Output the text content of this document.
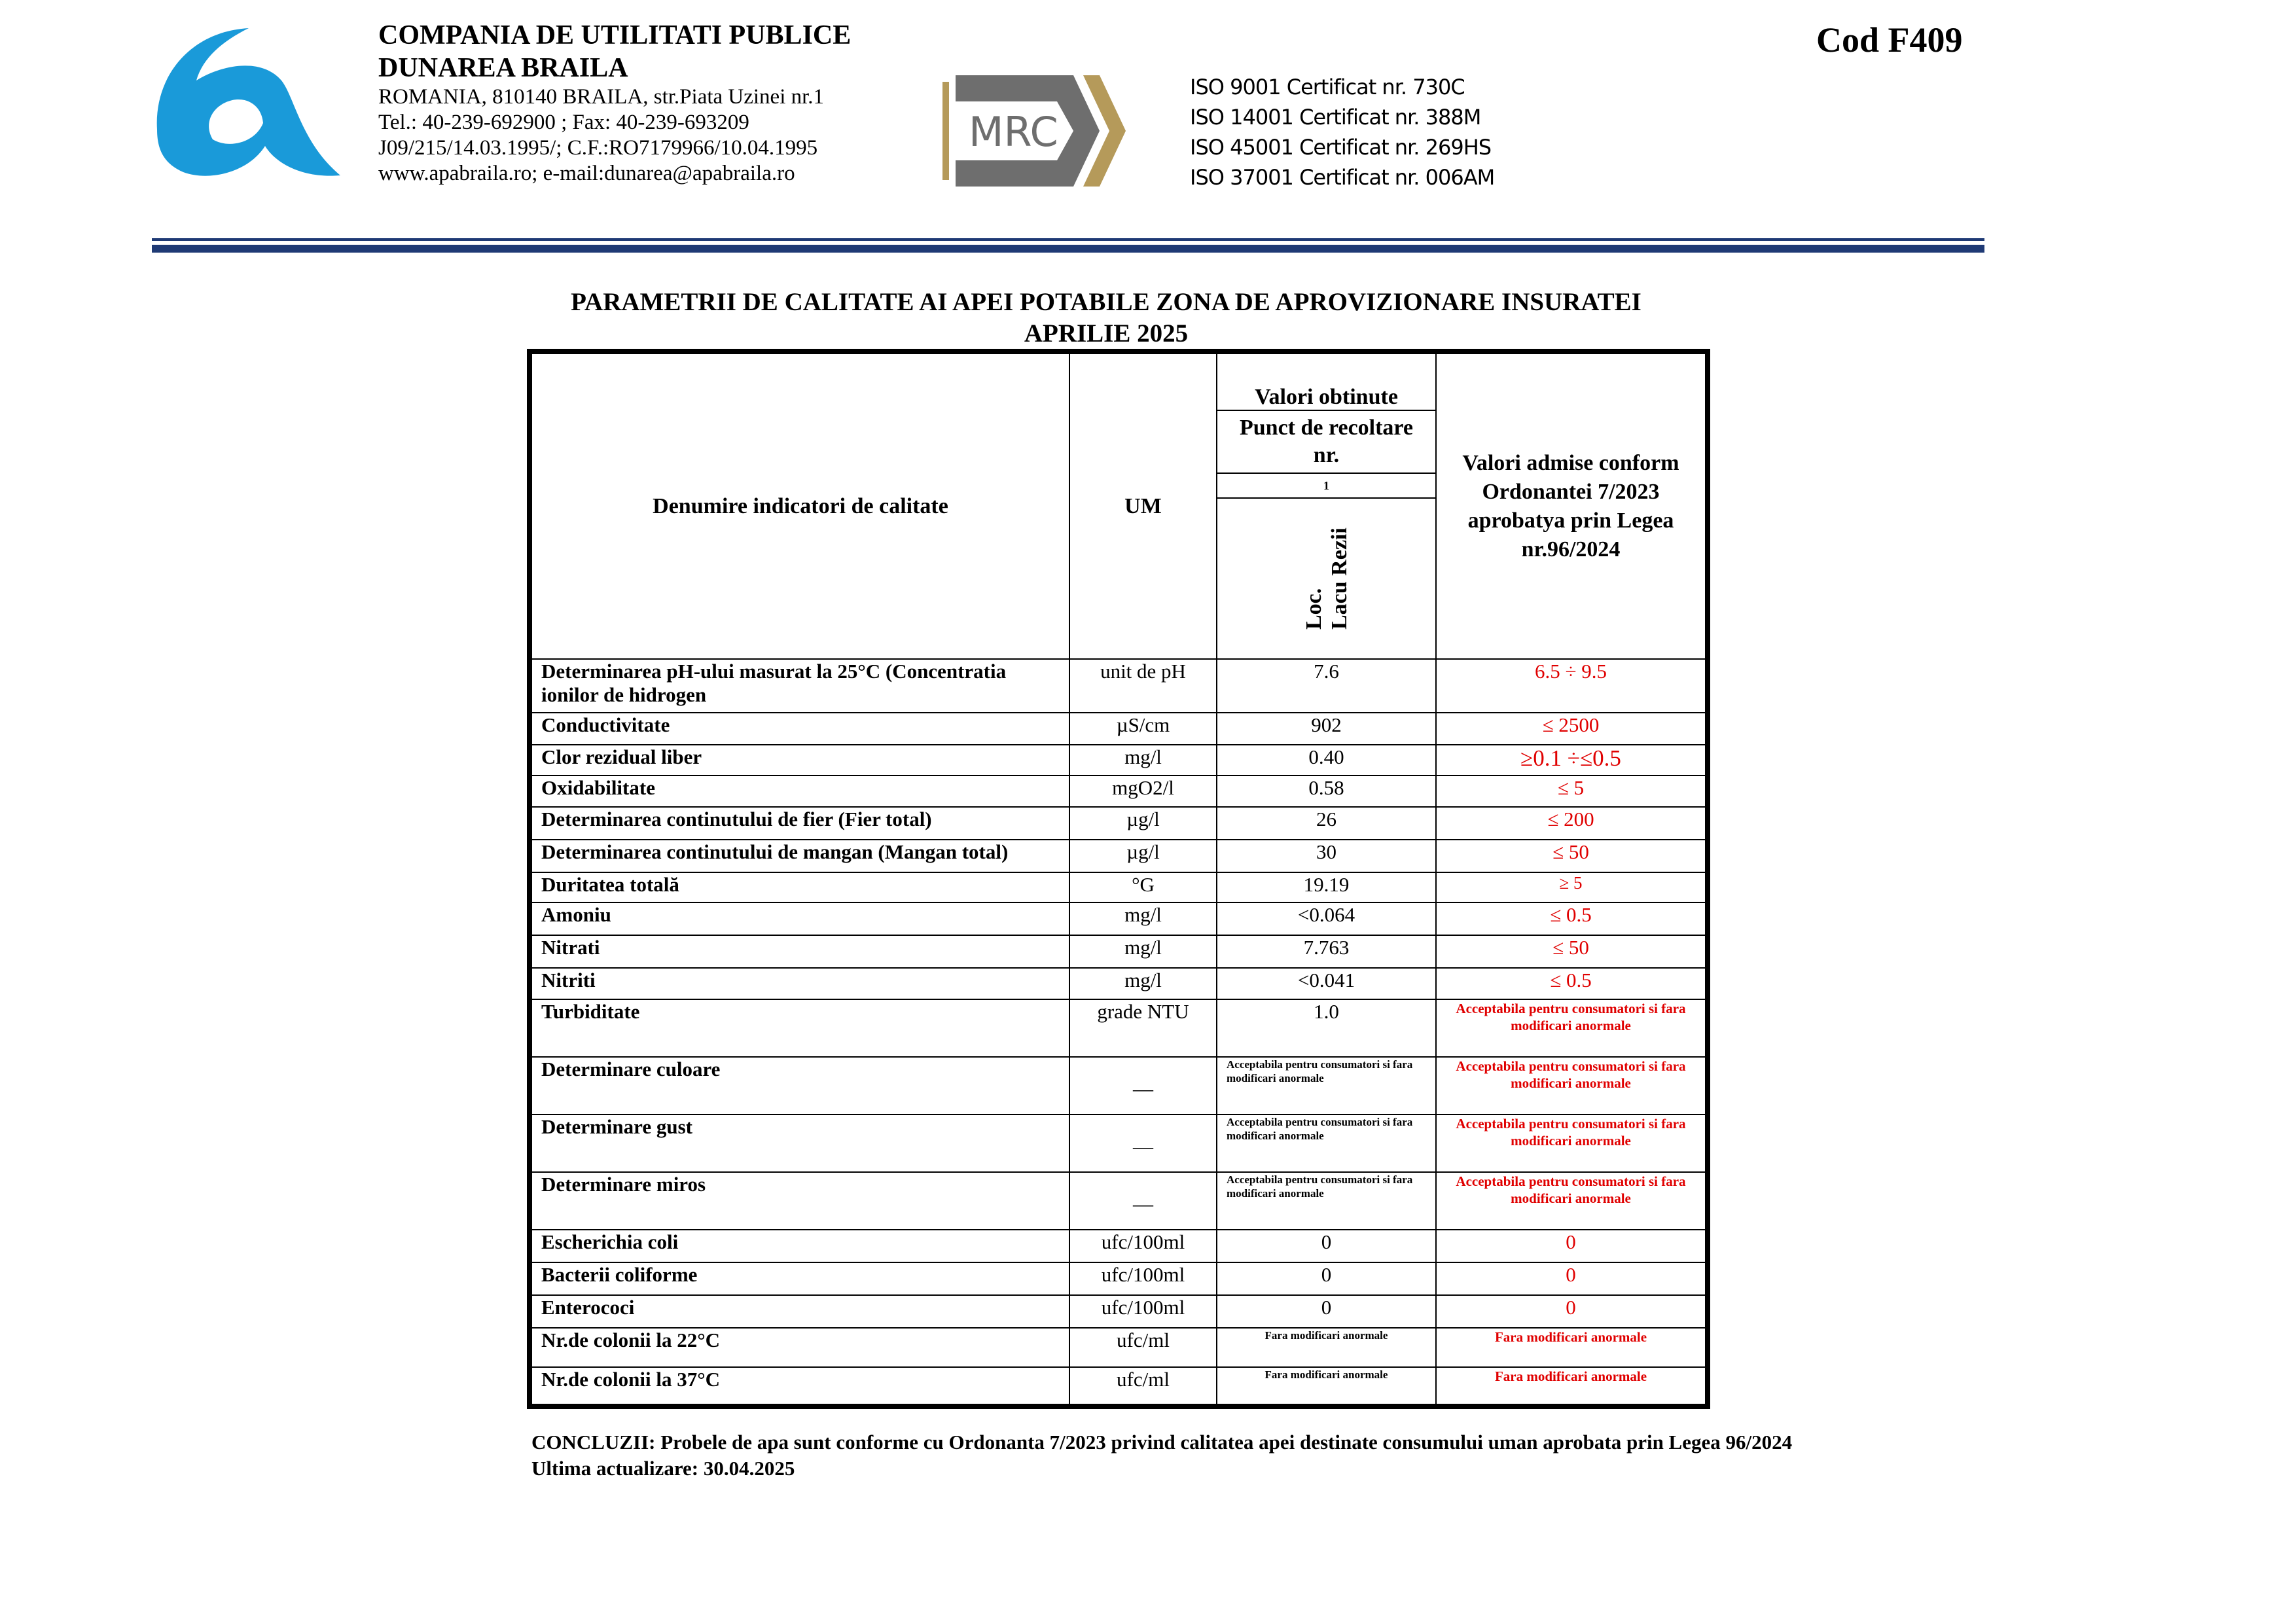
COMPANIA DE UTILITATI PUBLICE
DUNAREA BRAILA
ROMANIA, 810140 BRAILA, str.Piata Uzinei nr.1
Tel.: 40-239-692900 ; Fax: 40-239-693209
J09/215/14.03.1995/; C.F.:RO7179966/10.04.1995
www.apabraila.ro; e-mail:dunarea@apabraila.ro
MRC
ISO 9001 Certificat nr. 730C
ISO 14001 Certificat nr. 388M
ISO 45001 Certificat nr. 269HS
ISO 37001 Certificat nr. 006AM
Cod F409
PARAMETRII DE CALITATE AI APEI POTABILE ZONA DE APROVIZIONARE INSURATEI
APRILIE 2025
Denumire indicatori de calitate	UM	Valori obtinute	Valori admise conform Ordonantei 7/2023 aprobatya prin Legea nr.96/2024
		Punct de recoltare nr.	
		1	
		Loc.
Lacu Rezii	
Determinarea pH-ului masurat la 25°C (Concentratia ionilor de hidrogen	unit de pH	7.6	6.5 ÷ 9.5
Conductivitate	µS/cm	902	≤ 2500
Clor rezidual liber	mg/l	0.40	≥0.1 ÷≤0.5
Oxidabilitate	mgO2/l	0.58	≤ 5
Determinarea continutului de fier (Fier total)	µg/l	26	≤ 200
Determinarea continutului de mangan (Mangan total)	µg/l	30	≤ 50
Duritatea totală	°G	19.19	≥ 5
Amoniu	mg/l	<0.064	≤ 0.5
Nitrati	mg/l	7.763	≤ 50
Nitriti	mg/l	<0.041	≤ 0.5
Turbiditate	grade NTU	1.0	Acceptabila pentru consumatori si fara modificari anormale
Determinare culoare	—	Acceptabila pentru consumatori si fara modificari anormale	Acceptabila pentru consumatori si fara modificari anormale
Determinare gust	—	Acceptabila pentru consumatori si fara modificari anormale	Acceptabila pentru consumatori si fara modificari anormale
Determinare miros	—	Acceptabila pentru consumatori si fara modificari anormale	Acceptabila pentru consumatori si fara modificari anormale
Escherichia coli	ufc/100ml	0	0
Bacterii coliforme	ufc/100ml	0	0
Enterococi	ufc/100ml	0	0
Nr.de colonii la 22°C	ufc/ml	Fara modificari anormale	Fara modificari anormale
Nr.de colonii la 37°C	ufc/ml	Fara modificari anormale	Fara modificari anormale
CONCLUZII: Probele de apa sunt conforme cu Ordonanta 7/2023 privind calitatea apei destinate consumului uman aprobata prin Legea 96/2024
Ultima actualizare: 30.04.2025
